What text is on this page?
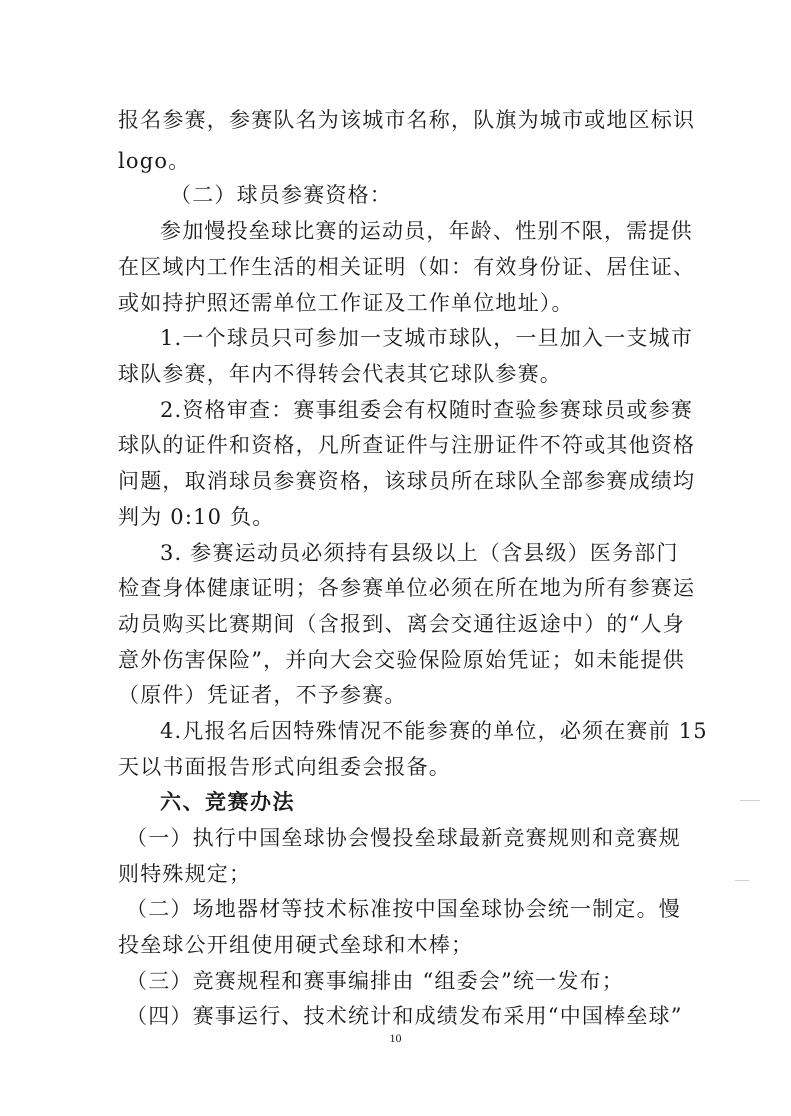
报名参赛，参赛队名为该城市名称，队旗为城市或地区标识
logo。
（二）球员参赛资格：
参加慢投垒球比赛的运动员，年龄、性别不限，需提供
在区域内工作生活的相关证明（如：有效身份证、居住证、
或如持护照还需单位工作证及工作单位地址）。
1.一个球员只可参加一支城市球队，一旦加入一支城市
球队参赛，年内不得转会代表其它球队参赛。
2.资格审查：赛事组委会有权随时查验参赛球员或参赛
球队的证件和资格，凡所查证件与注册证件不符或其他资格
问题，取消球员参赛资格，该球员所在球队全部参赛成绩均
判为 0:10 负。
3. 参赛运动员必须持有县级以上（含县级）医务部门
检查身体健康证明；各参赛单位必须在所在地为所有参赛运
动员购买比赛期间（含报到、离会交通往返途中）的“人身
意外伤害保险”，并向大会交验保险原始凭证；如未能提供
（原件）凭证者，不予参赛。
4.凡报名后因特殊情况不能参赛的单位，必须在赛前 15
天以书面报告形式向组委会报备。
六、竞赛办法
（一）执行中国垒球协会慢投垒球最新竞赛规则和竞赛规
则特殊规定；
（二）场地器材等技术标准按中国垒球协会统一制定。慢
投垒球公开组使用硬式垒球和木棒；
（三）竞赛规程和赛事编排由 “组委会”统一发布；
（四）赛事运行、技术统计和成绩发布采用“中国棒垒球”
10
